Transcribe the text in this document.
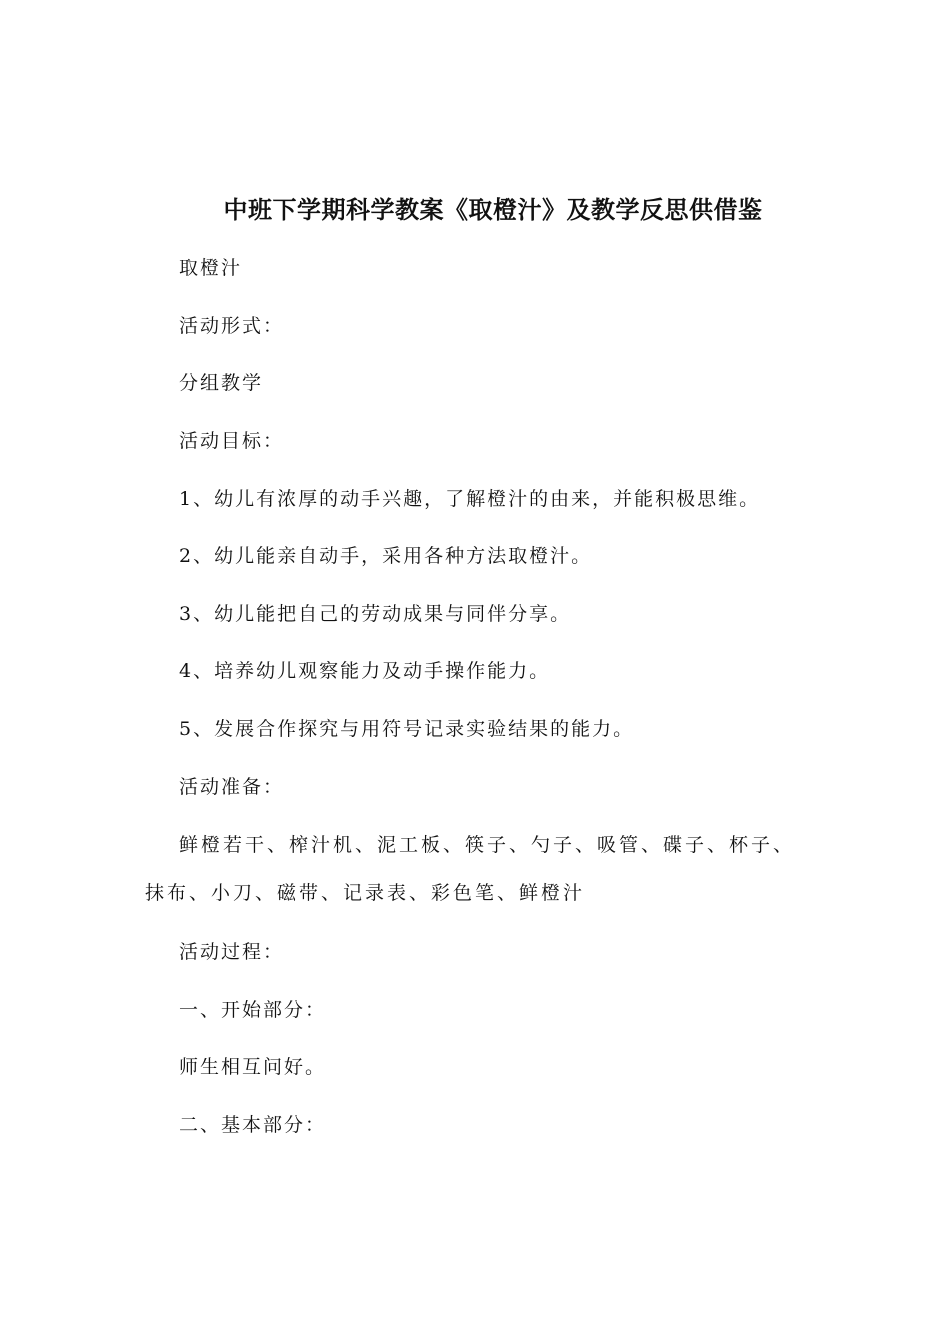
中班下学期科学教案《取橙汁》及教学反思供借鉴
取橙汁
活动形式：
分组教学
活动目标：
1、幼儿有浓厚的动手兴趣，了解橙汁的由来，并能积极思维。
2、幼儿能亲自动手，采用各种方法取橙汁。
3、幼儿能把自己的劳动成果与同伴分享。
4、培养幼儿观察能力及动手操作能力。
5、发展合作探究与用符号记录实验结果的能力。
活动准备：
鲜橙若干、榨汁机、泥工板、筷子、勺子、吸管、碟子、杯子、抹布、小刀、磁带、记录表、彩色笔、鲜橙汁
活动过程：
一、开始部分：
师生相互问好。
二、基本部分：
